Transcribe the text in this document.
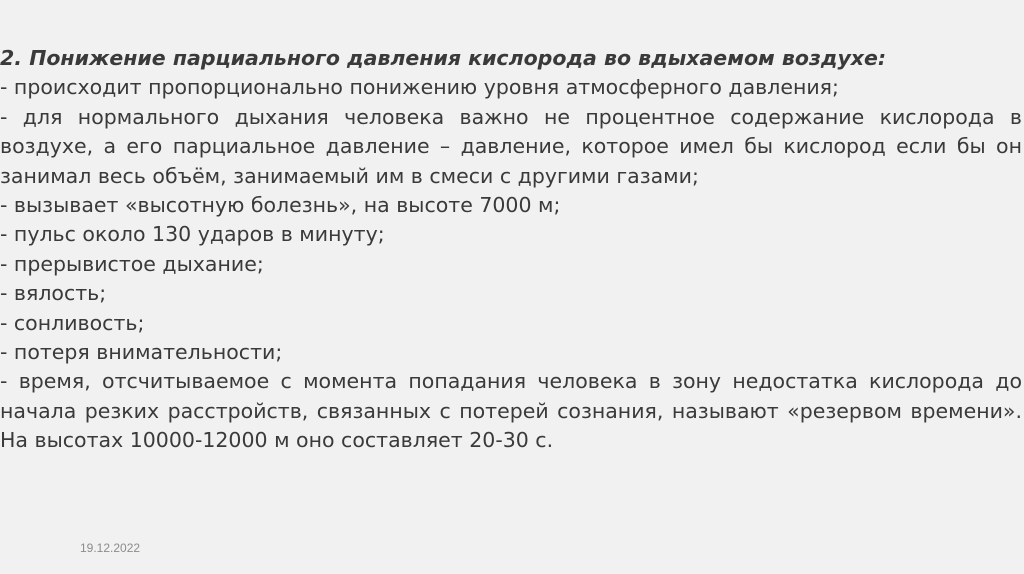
2. Понижение парциального давления кислорода во вдыхаемом воздухе:
- происходит пропорционально понижению уровня атмосферного давления;
- для нормального дыхания человека важно не процентное содержание кислорода в воздухе, а его парциальное давление – давление, которое имел бы кислород если бы он занимал весь объём, занимаемый им в смеси с другими газами;
- вызывает «высотную болезнь», на высоте 7000 м;
- пульс около 130 ударов в минуту;
- прерывистое дыхание;
- вялость;
- сонливость;
- потеря внимательности;
- время, отсчитываемое с момента попадания человека в зону недостатка кислорода до начала резких расстройств, связанных с потерей сознания, называют «резервом времени». На высотах 10000-12000 м оно составляет 20-30 с.
19.12.2022
